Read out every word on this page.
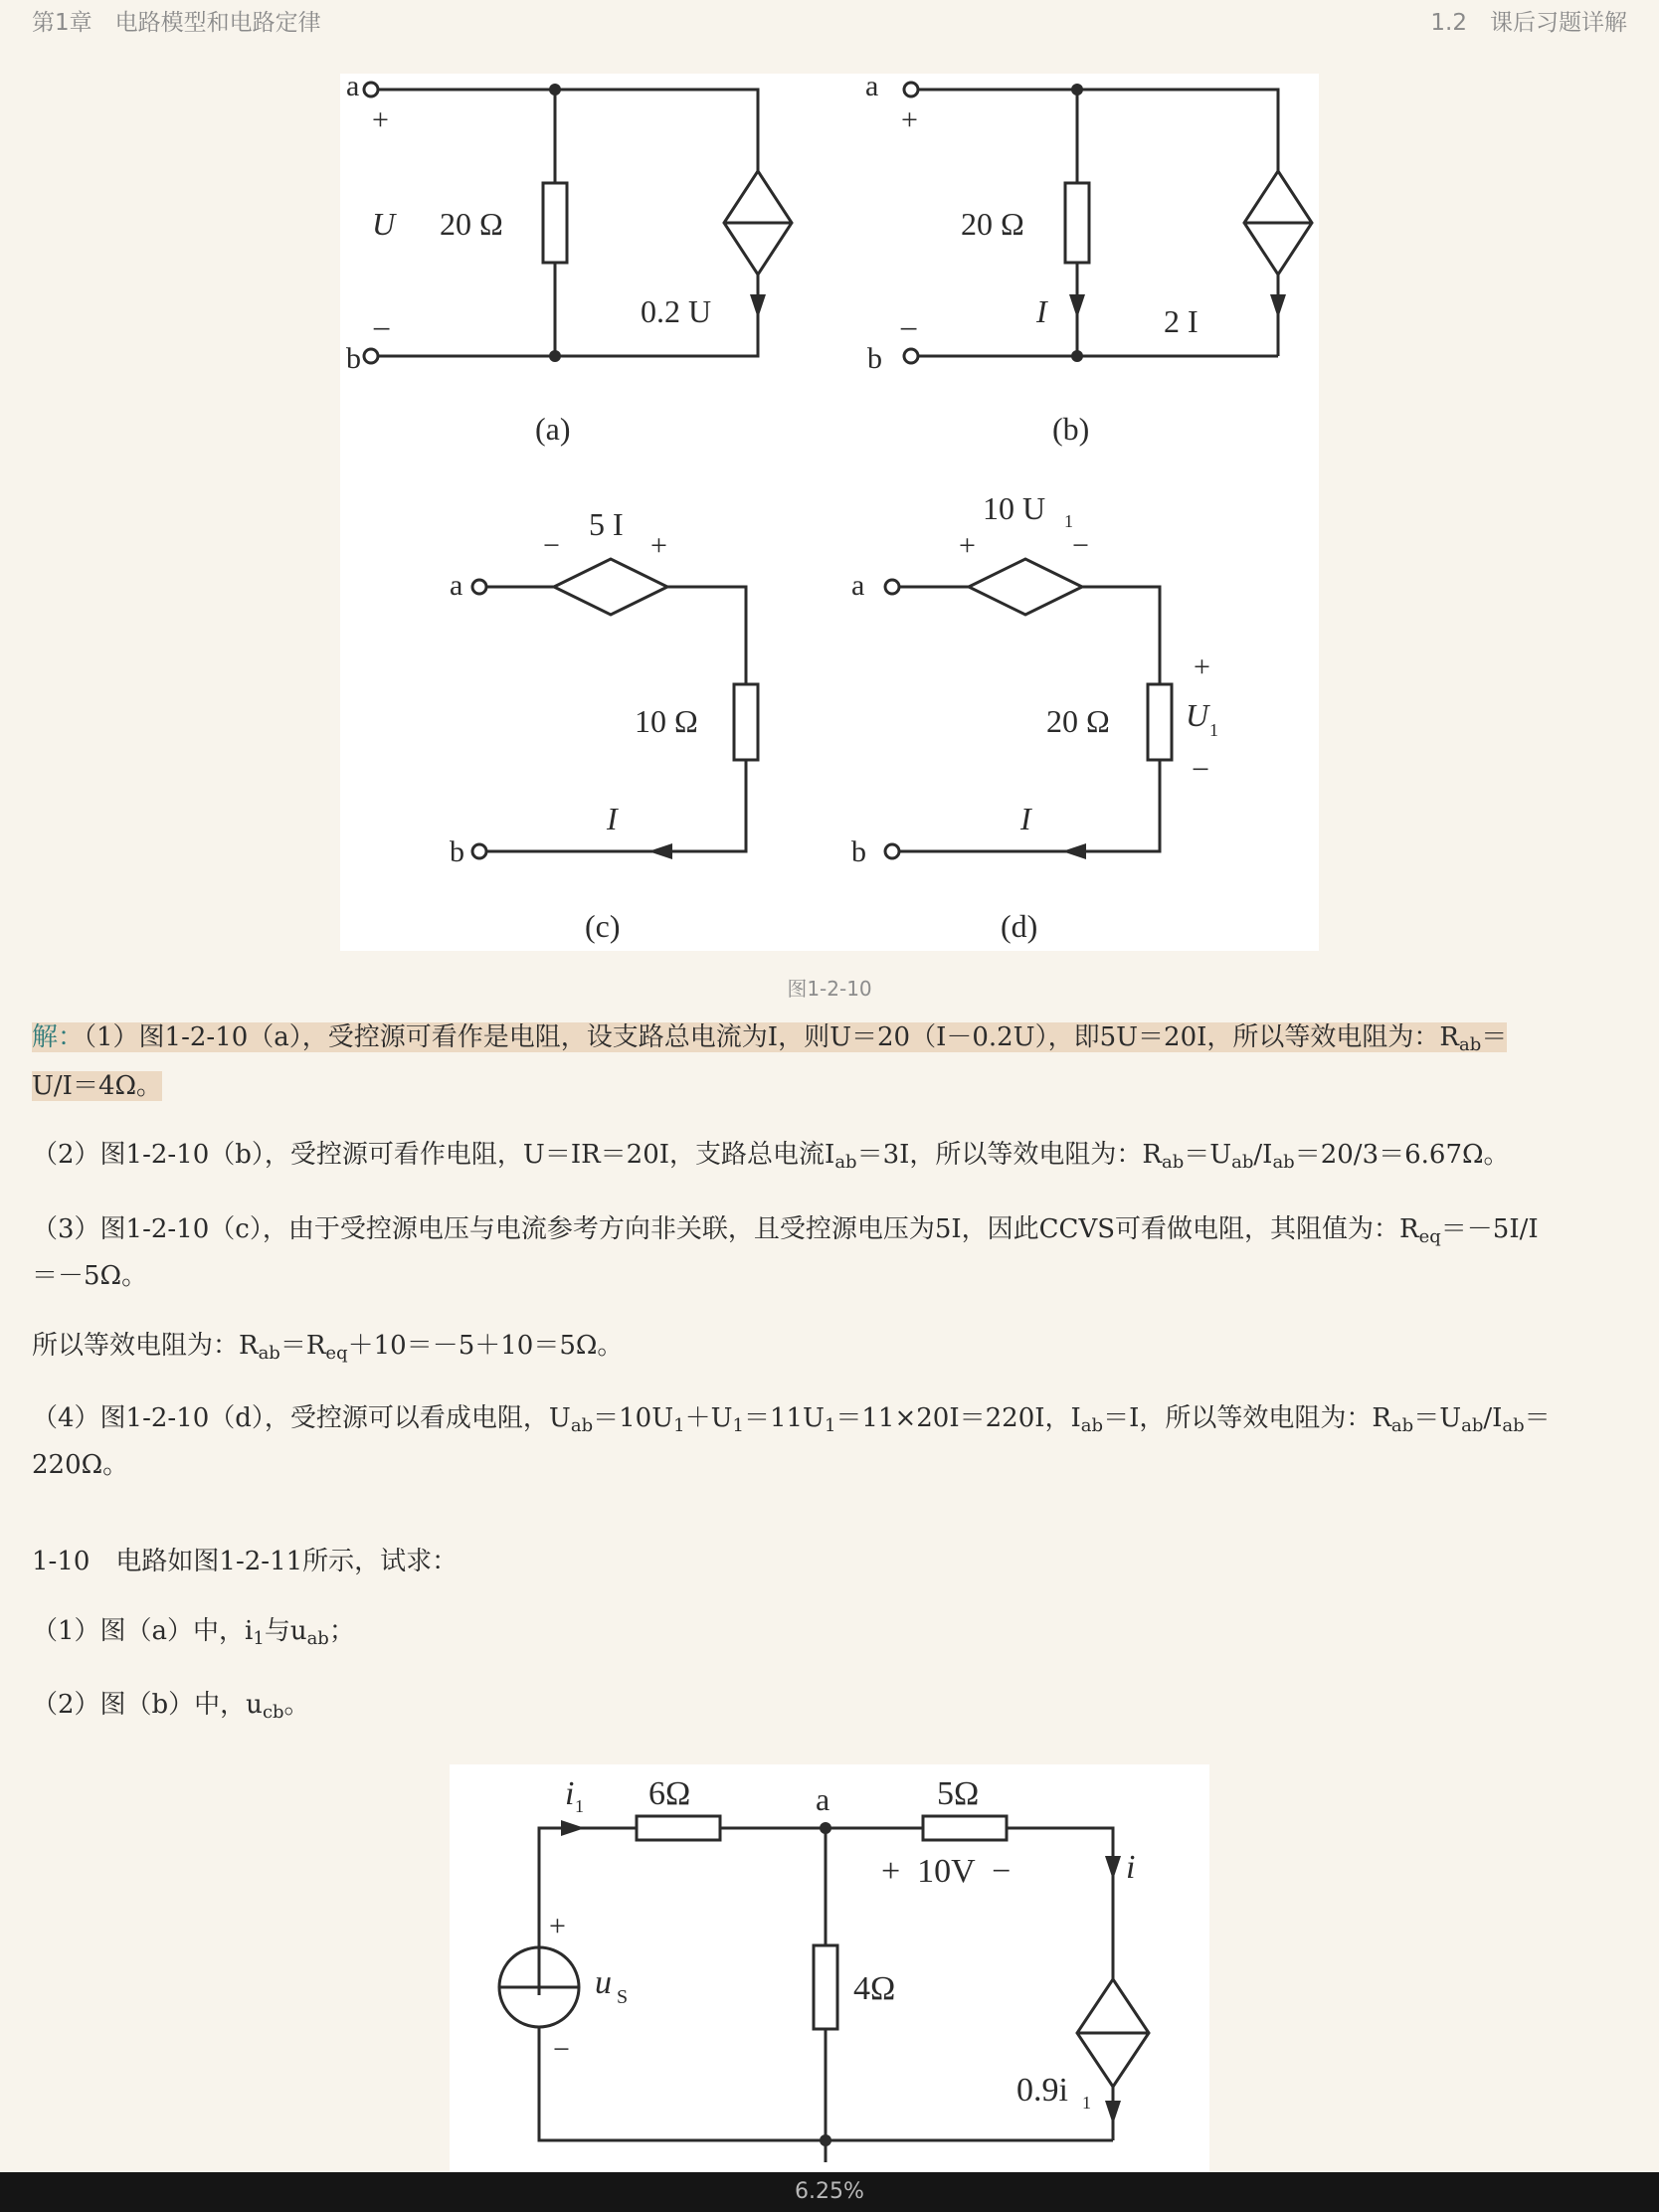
第1章　电路模型和电路定律	1.2　课后习题详解
a
+
−
b
U 20 Ω
0.2 U
(a)
a
+
−
b
20 Ω
I	2 I
(b)
a
b
−
5 I
+
10 Ω
I
(c)
a
b
+
10 U 1
−
20 Ω
+
U 1
−
I
(d)
图1-2-10
解：（1）图1-2-10（a），受控源可看作是电阻，设支路总电流为I，则U＝20（I－0.2U），即5U＝20I，所以等效电阻为：$R_{ab}=$
U/I＝4Ω。
（2）图1-2-10（b），受控源可看作电阻，U＝IR＝20I，支路总电流$I_{ab}=3I$，所以等效电阻为：$R_{ab}=U_{ab}/I_{ab}=20/3=6.67\Omega$。
（3）图1-2-10（c），由于受控源电压与电流参考方向非关联，且受控源电压为5I，因此CCVS可看做电阻，其阻值为：$R_{eq}=-5I/I$
＝－5Ω。
所以等效电阻为：$R_{ab}=R_{eq}+10=-5+10=5\Omega$。
（4）图1-2-10（d），受控源可以看成电阻，$U_{ab}=10U_1+U_1=11U_1=11\times 20I=220I$，$I_{ab}=I$，所以等效电阻为：$R_{ab}=U_{ab}/I_{ab}=$
220Ω。
1-10　电路如图1-2-11所示，试求：
（1）图（a）中，$i_1$与$u_{ab}$；
（2）图（b）中，$u_{cb}$。
i 1 6Ω	a	5Ω
+  10V  −	i
+
u S
−
4Ω
0.9i 1
6.25%
